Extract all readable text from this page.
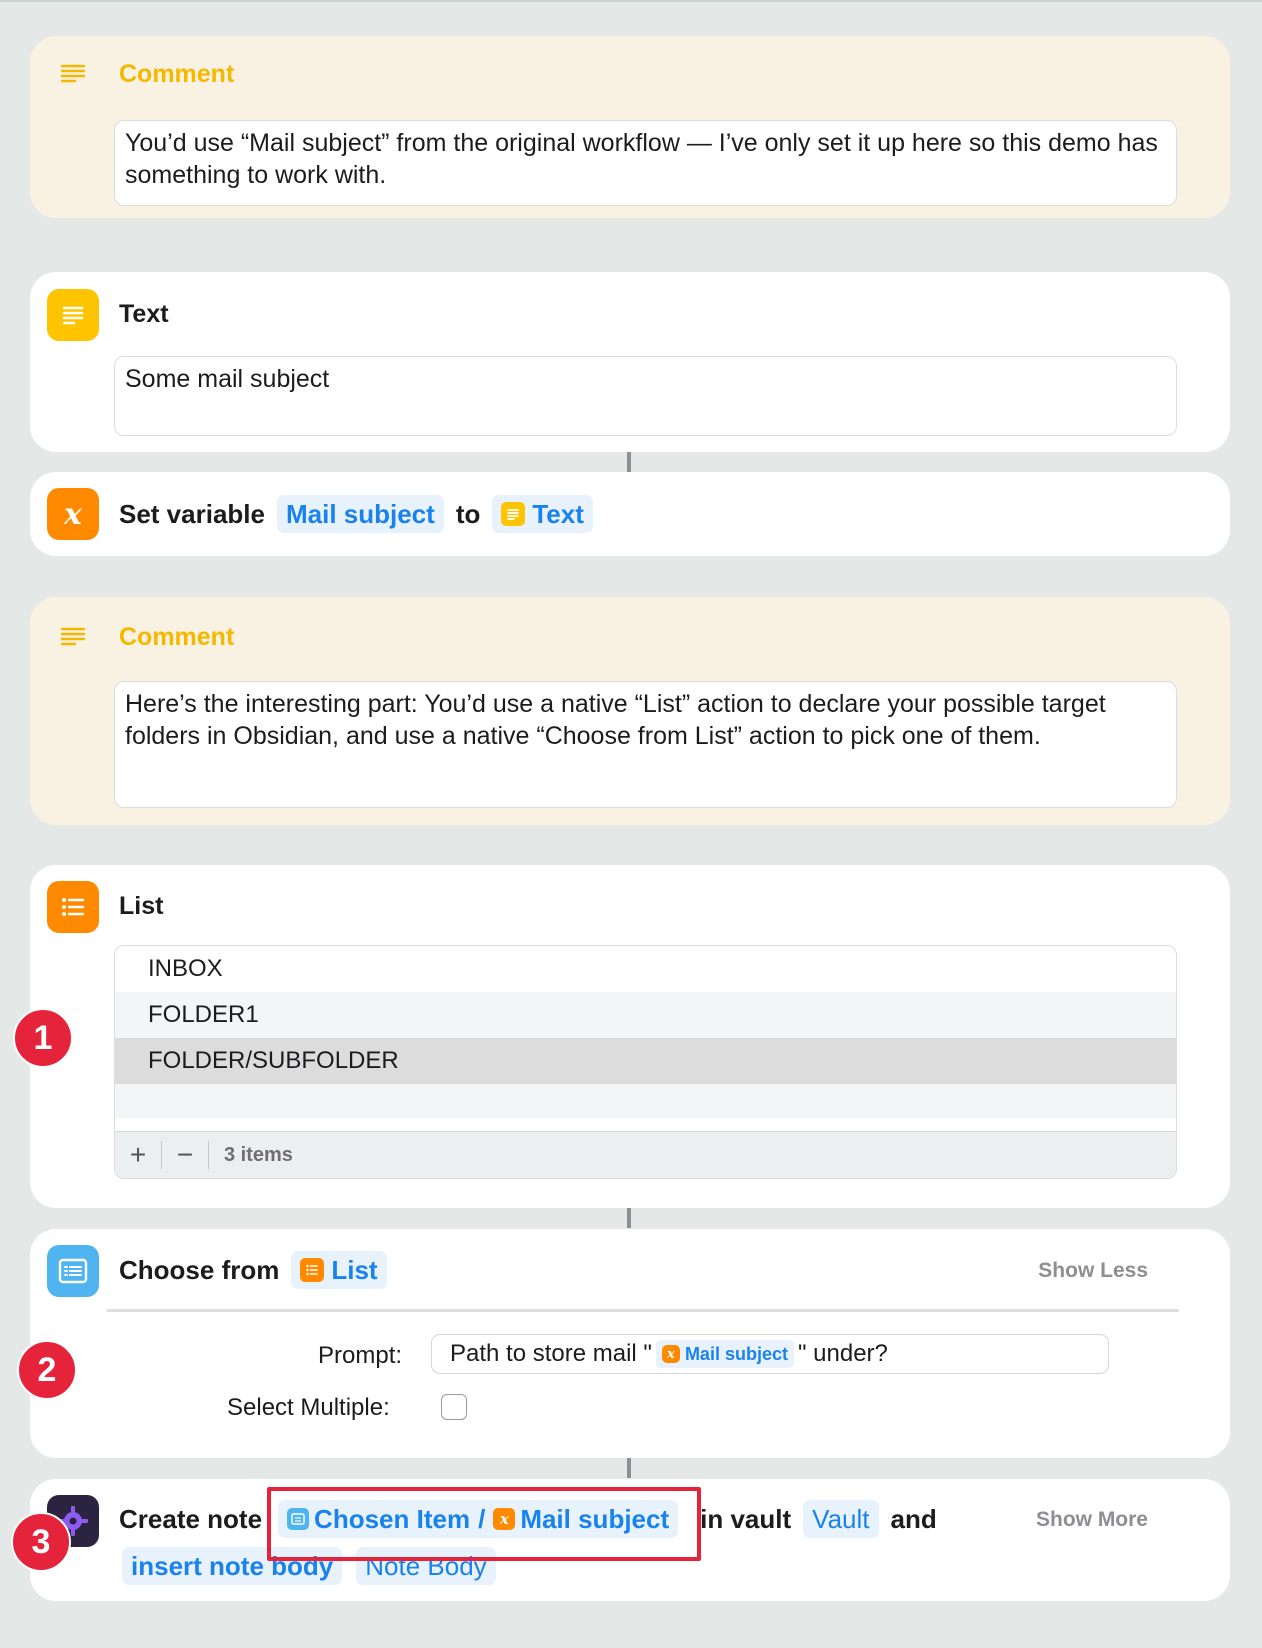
Comment
You’d use “Mail subject” from the original workflow — I’ve only set it up here so this demo has something to work with.
Text
Some mail subject
x Set variable Mail subject to Text
Comment
Here’s the interesting part: You’d use a native “List” action to declare your possible target folders in Obsidian, and use a native “Choose from List” action to pick one of them.
List
INBOX
FOLDER1
FOLDER/SUBFOLDER
+	−	3 items
Choose from List	Show Less
Prompt: Path to store mail " x Mail subject " under?
Select Multiple:
Create note Chosen Item / x Mail subject in vault Vault and	Show More
insert note body	Note Body
1
2
3
